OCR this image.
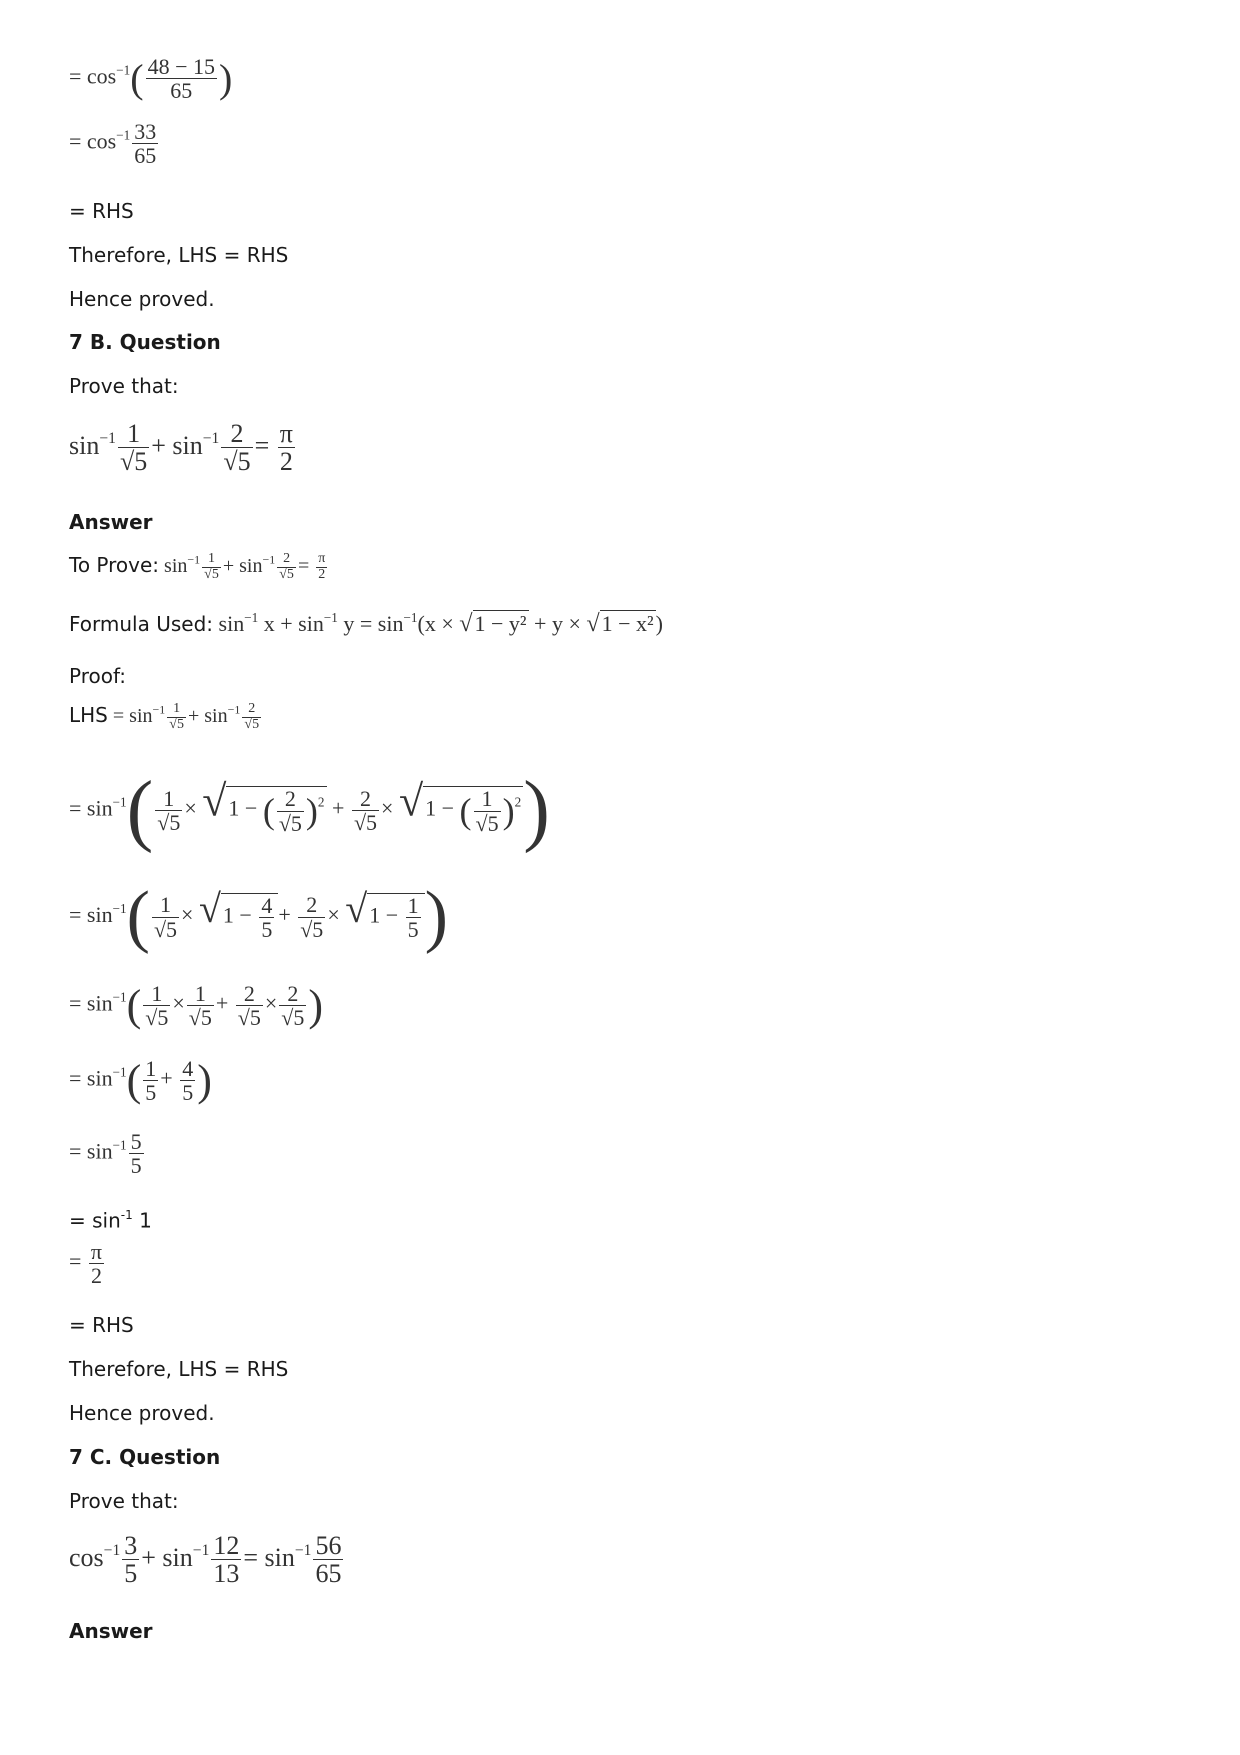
= $\cos^{-1}( \frac{48 - 15}{65}$ )
= $\cos^{-1} \frac{33}{65}$
= RHS
Therefore, LHS = RHS
Hence proved.
7 B. Question
Prove that:
$\sin^{-1} \frac{1}{√5} + \sin^{-1} \frac{2}{√5} = \frac{\pi}{2}$
Answer
To Prove: $\sin^{-1} \frac{1}{√5} + \sin^{-1} \frac{2}{√5} = \frac{\pi}{2}$
Formula Used: $\sin^{-1} x + \sin^{-1} y = \sin^{-1}(x \times √1 - y^2 + y \times √1 - x^2)$
Proof:
LHS = $\sin^{-1} \frac{1}{√5} + \sin^{-1} \frac{2}{√5}$
= $\sin^{-1}( \frac{1}{√5} \times √1$ − ( $\frac{2}{√5} )^2 + \frac{2}{√5} \times √1$ − ( $\frac{1}{√5} )^2$)
= $\sin^{-1}( \frac{1}{√5} \times √1 - \frac{4}{5} + \frac{2}{√5} \times √1 - \frac{1}{5}$ )
= $\sin^{-1}( \frac{1}{√5} \times \frac{1}{√5} + \frac{2}{√5} \times \frac{2}{√5}$ )
= $\sin^{-1}( \frac{1}{5} + \frac{4}{5}$ )
= $\sin^{-1} \frac{5}{5}$
= $\sin^{-1} 1$
= $\frac{\pi}{2}$
= RHS
Therefore, LHS = RHS
Hence proved.
7 C. Question
Prove that:
$\cos^{-1} \frac{3}{5} + \sin^{-1} \frac{12}{13} = \sin^{-1} \frac{56}{65}$
Answer
